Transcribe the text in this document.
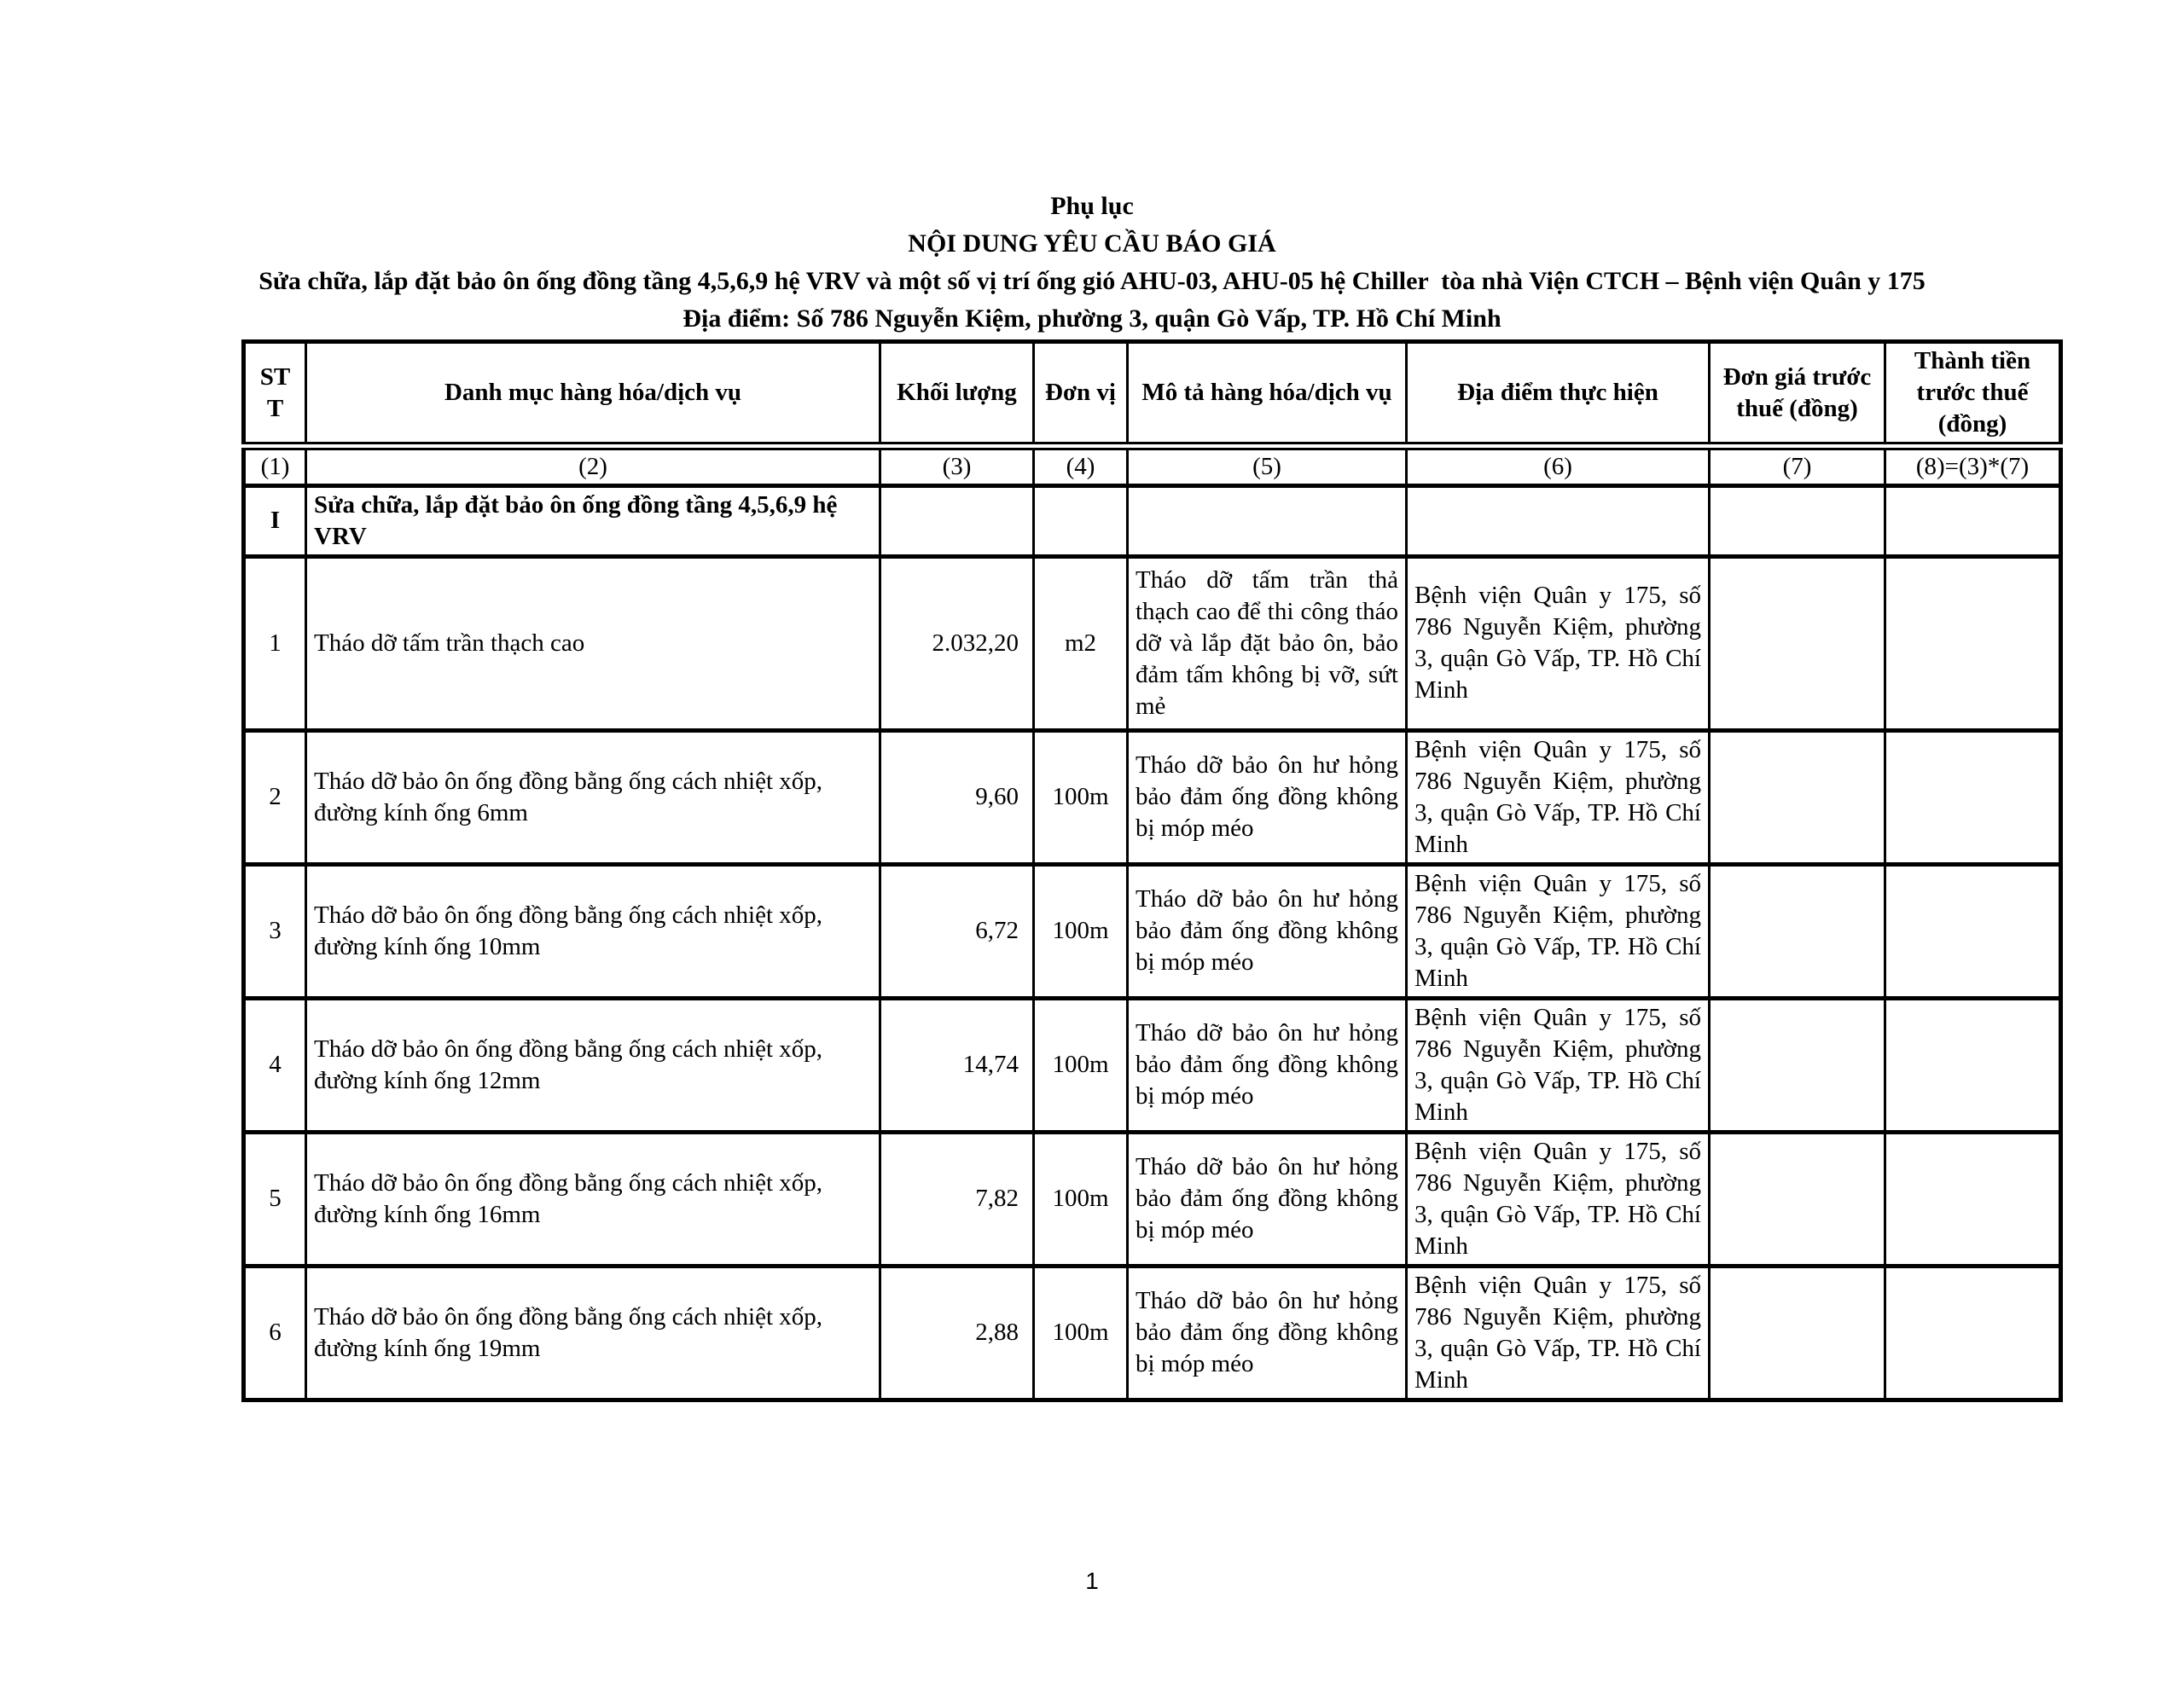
Phụ lục
NỘI DUNG YÊU CẦU BÁO GIÁ
Sửa chữa, lắp đặt bảo ôn ống đồng tầng 4,5,6,9 hệ VRV và một số vị trí ống gió AHU-03, AHU-05 hệ Chiller  tòa nhà Viện CTCH – Bệnh viện Quân y 175
Địa điểm: Số 786 Nguyễn Kiệm, phường 3, quận Gò Vấp, TP. Hồ Chí Minh
STT	Danh mục hàng hóa/dịch vụ	Khối lượng	Đơn vị	Mô tả hàng hóa/dịch vụ	Địa điểm thực hiện	Đơn giá trước thuế (đồng)	Thành tiền trước thuế (đồng)
(1)	(2)	(3)	(4)	(5)	(6)	(7)	(8)=(3)*(7)
I	Sửa chữa, lắp đặt bảo ôn ống đồng tầng 4,5,6,9 hệ VRV						
1	Tháo dỡ tấm trần thạch cao	2.032,20	m2	Tháo dỡ tấm trần thả thạch cao để thi công tháo dỡ và lắp đặt bảo ôn, bảo đảm tấm không bị vỡ, sứt mẻ	Bệnh viện Quân y 175, số 786 Nguyễn Kiệm, phường 3, quận Gò Vấp, TP. Hồ Chí Minh		
2	Tháo dỡ bảo ôn ống đồng bằng ống cách nhiệt xốp, đường kính ống 6mm	9,60	100m	Tháo dỡ bảo ôn hư hỏng bảo đảm ống đồng không bị móp méo	Bệnh viện Quân y 175, số 786 Nguyễn Kiệm, phường 3, quận Gò Vấp, TP. Hồ Chí Minh		
3	Tháo dỡ bảo ôn ống đồng bằng ống cách nhiệt xốp, đường kính ống 10mm	6,72	100m	Tháo dỡ bảo ôn hư hỏng bảo đảm ống đồng không bị móp méo	Bệnh viện Quân y 175, số 786 Nguyễn Kiệm, phường 3, quận Gò Vấp, TP. Hồ Chí Minh		
4	Tháo dỡ bảo ôn ống đồng bằng ống cách nhiệt xốp, đường kính ống 12mm	14,74	100m	Tháo dỡ bảo ôn hư hỏng bảo đảm ống đồng không bị móp méo	Bệnh viện Quân y 175, số 786 Nguyễn Kiệm, phường 3, quận Gò Vấp, TP. Hồ Chí Minh		
5	Tháo dỡ bảo ôn ống đồng bằng ống cách nhiệt xốp, đường kính ống 16mm	7,82	100m	Tháo dỡ bảo ôn hư hỏng bảo đảm ống đồng không bị móp méo	Bệnh viện Quân y 175, số 786 Nguyễn Kiệm, phường 3, quận Gò Vấp, TP. Hồ Chí Minh		
6	Tháo dỡ bảo ôn ống đồng bằng ống cách nhiệt xốp, đường kính ống 19mm	2,88	100m	Tháo dỡ bảo ôn hư hỏng bảo đảm ống đồng không bị móp méo	Bệnh viện Quân y 175, số 786 Nguyễn Kiệm, phường 3, quận Gò Vấp, TP. Hồ Chí Minh		
1
